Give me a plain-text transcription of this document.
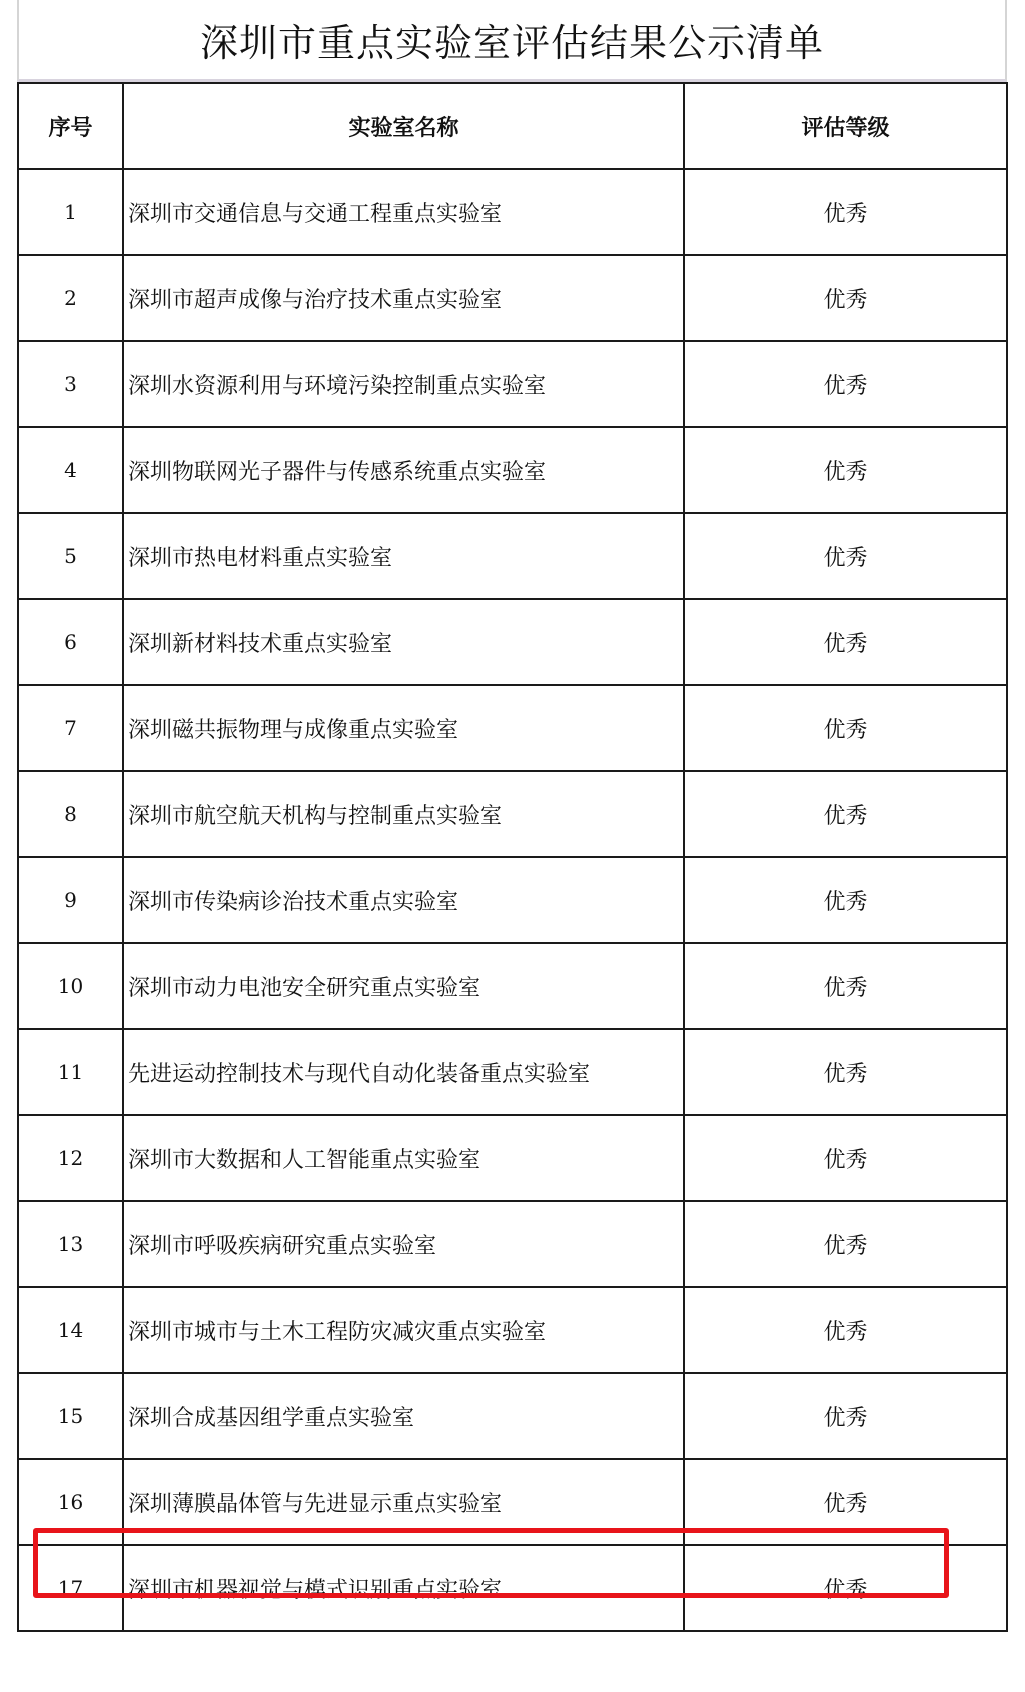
深圳市重点实验室评估结果公示清单
序号	实验室名称	评估等级
1	深圳市交通信息与交通工程重点实验室	优秀
2	深圳市超声成像与治疗技术重点实验室	优秀
3	深圳水资源利用与环境污染控制重点实验室	优秀
4	深圳物联网光子器件与传感系统重点实验室	优秀
5	深圳市热电材料重点实验室	优秀
6	深圳新材料技术重点实验室	优秀
7	深圳磁共振物理与成像重点实验室	优秀
8	深圳市航空航天机构与控制重点实验室	优秀
9	深圳市传染病诊治技术重点实验室	优秀
10	深圳市动力电池安全研究重点实验室	优秀
11	先进运动控制技术与现代自动化装备重点实验室	优秀
12	深圳市大数据和人工智能重点实验室	优秀
13	深圳市呼吸疾病研究重点实验室	优秀
14	深圳市城市与土木工程防灾减灾重点实验室	优秀
15	深圳合成基因组学重点实验室	优秀
16	深圳薄膜晶体管与先进显示重点实验室	优秀
17	深圳市机器视觉与模式识别重点实验室	优秀
